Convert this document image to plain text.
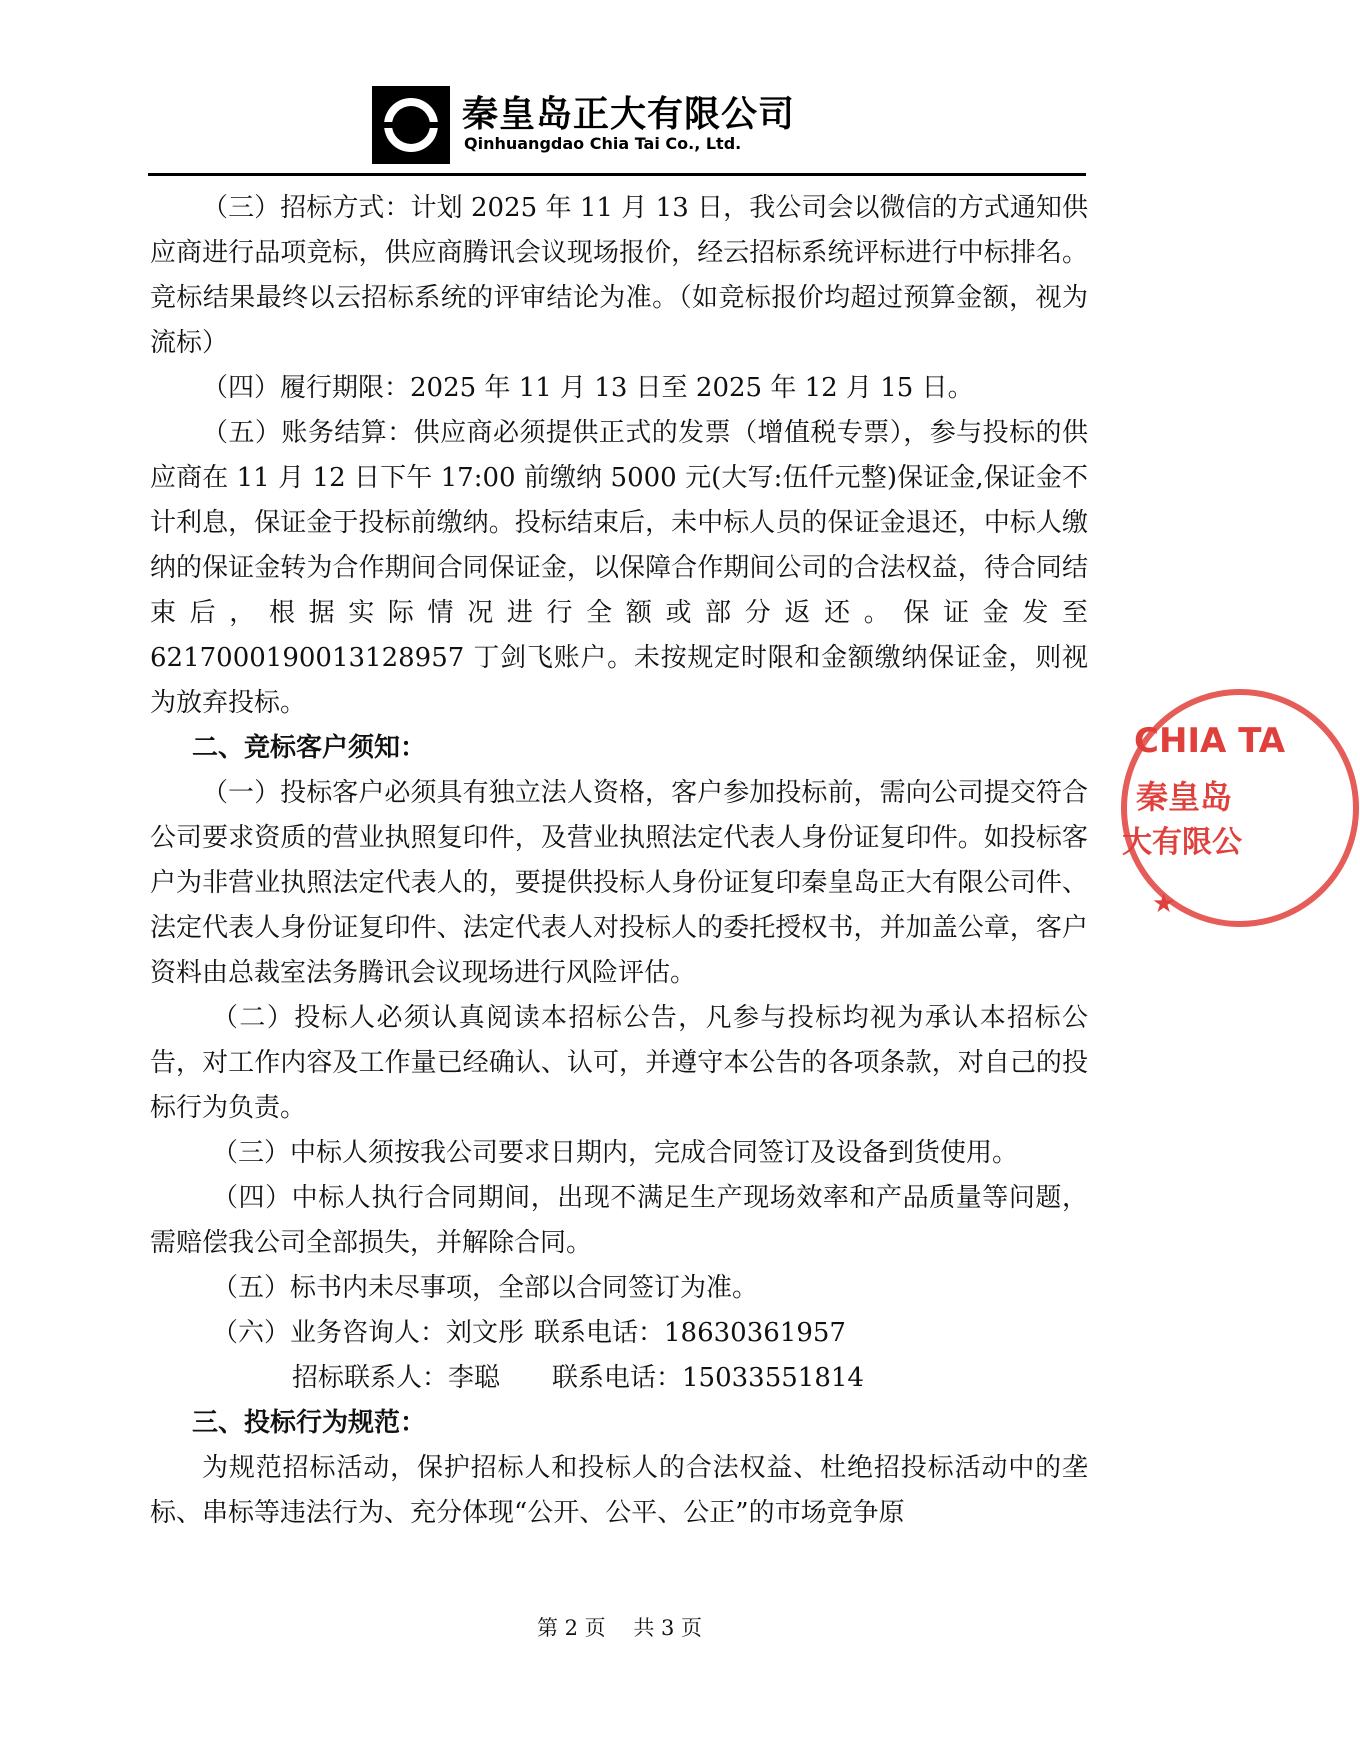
秦皇岛正大有限公司
Qinhuangdao Chia Tai Co., Ltd.

（三）招标方式：计划 2025 年 11 月 13 日，我公司会以微信的方式通知供应商进行品项竞标，供应商腾讯会议现场报价，经云招标系统评标进行中标排名。竞标结果最终以云招标系统的评审结论为准。（如竞标报价均超过预算金额，视为流标）

（四）履行期限：2025 年 11 月 13 日至 2025 年 12 月 15 日。

（五）账务结算：供应商必须提供正式的发票（增值税专票），参与投标的供应商在 11 月 12 日下午 17:00 前缴纳 5000 元(大写:伍仟元整)保证金,保证金不计利息，保证金于投标前缴纳。投标结束后，未中标人员的保证金退还，中标人缴纳的保证金转为合作期间合同保证金，以保障合作期间公司的合法权益，待合同结束后，根据实际情况进行全额或部分返还。保证金发至 6217000190013128957 丁剑飞账户。未按规定时限和金额缴纳保证金，则视为放弃投标。

二、竞标客户须知：

（一）投标客户必须具有独立法人资格，客户参加投标前，需向公司提交符合公司要求资质的营业执照复印件，及营业执照法定代表人身份证复印件。如投标客户为非营业执照法定代表人的，要提供投标人身份证复印秦皇岛正大有限公司件、法定代表人身份证复印件、法定代表人对投标人的委托授权书，并加盖公章，客户资料由总裁室法务腾讯会议现场进行风险评估。

（二）投标人必须认真阅读本招标公告，凡参与投标均视为承认本招标公告，对工作内容及工作量已经确认、认可，并遵守本公告的各项条款，对自己的投标行为负责。

（三）中标人须按我公司要求日期内，完成合同签订及设备到货使用。

（四）中标人执行合同期间，出现不满足生产现场效率和产品质量等问题，需赔偿我公司全部损失，并解除合同。

（五）标书内未尽事项，全部以合同签订为准。

（六）业务咨询人：刘文彤 联系电话：18630361957

招标联系人：李聪 联系电话：15033551814

三、投标行为规范：

为规范招标活动，保护招标人和投标人的合法权益、杜绝招投标活动中的垄标、串标等违法行为、充分体现“公开、公平、公正”的市场竞争原

CHIA TA
秦皇岛
大有限公
★
第 2 页　 共 3 页
